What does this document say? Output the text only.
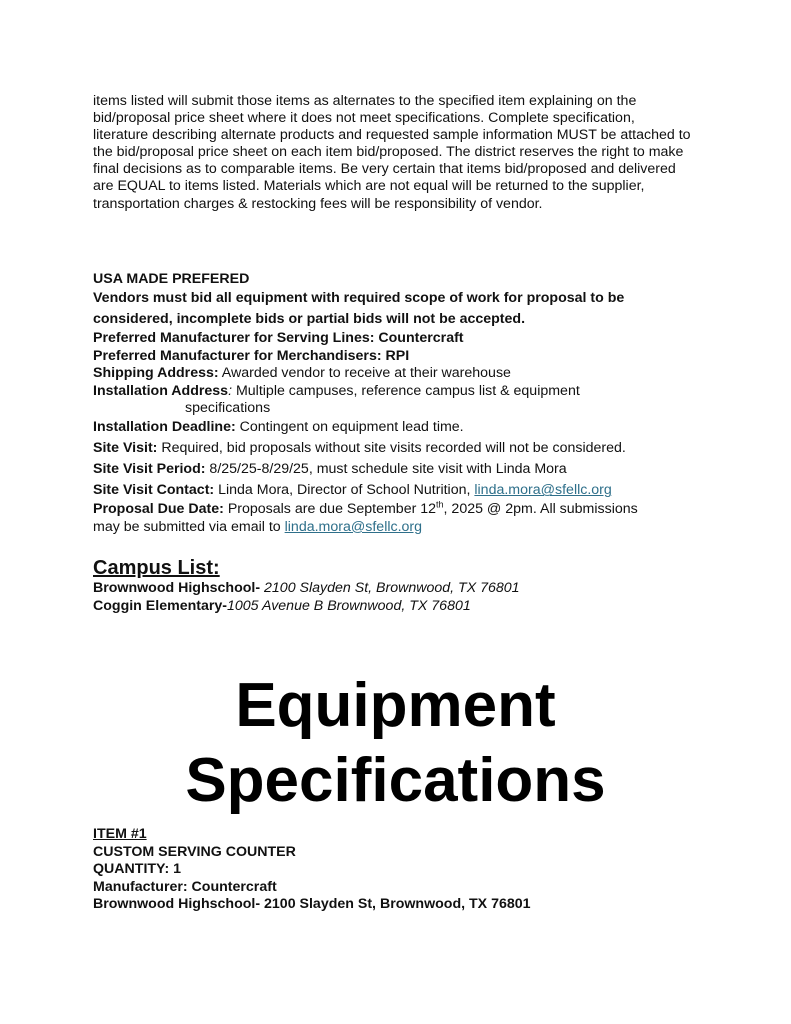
items listed will submit those items as alternates to the specified item explaining on the bid/proposal price sheet where it does not meet specifications. Complete specification, literature describing alternate products and requested sample information MUST be attached to the bid/proposal price sheet on each item bid/proposed. The district reserves the right to make final decisions as to comparable items. Be very certain that items bid/proposed and delivered are EQUAL to items listed. Materials which are not equal will be returned to the supplier, transportation charges & restocking fees will be responsibility of vendor.

USA MADE PREFERED

Vendors must bid all equipment with required scope of work for proposal to be

considered, incomplete bids or partial bids will not be accepted.

Preferred Manufacturer for Serving Lines: Countercraft

Preferred Manufacturer for Merchandisers: RPI

Shipping Address: Awarded vendor to receive at their warehouse

Installation Address: Multiple campuses, reference campus list & equipment

specifications

Installation Deadline: Contingent on equipment lead time.

Site Visit: Required, bid proposals without site visits recorded will not be considered.

Site Visit Period: 8/25/25-8/29/25, must schedule site visit with Linda Mora

Site Visit Contact: Linda Mora, Director of School Nutrition, linda.mora@sfellc.org

Proposal Due Date: Proposals are due September 12th, 2025 @ 2pm. All submissions

may be submitted via email to linda.mora@sfellc.org

Campus List:

Brownwood Highschool- 2100 Slayden St, Brownwood, TX 76801

Coggin Elementary-1005 Avenue B Brownwood, TX 76801

Equipment
Specifications

ITEM #1

CUSTOM SERVING COUNTER

QUANTITY: 1

Manufacturer: Countercraft

Brownwood Highschool- 2100 Slayden St, Brownwood, TX 76801
